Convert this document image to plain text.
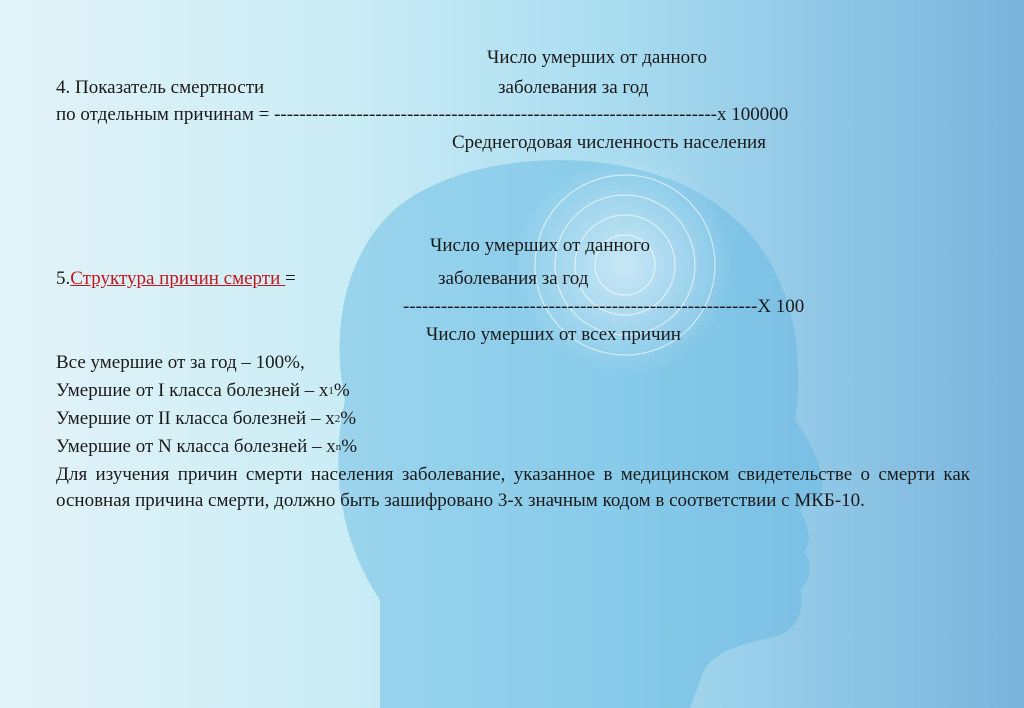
Число умерших от данного
4. Показатель смертности	заболевания за год
по отдельным причинам = ----------------------------------------------------------------------х 100000
Среднегодовая численность населения
Число умерших от данного
5.Структура причин смерти =	заболевания за год
--------------------------------------------------------Х 100
Число умерших от всех причин
Все умершие от за год – 100%,
Умершие от I класса болезней – $х_1\%$
Умершие от II класса болезней – $х_2\%$
Умершие от N класса болезней – $х_n\%$
Для изучения причин смерти населения заболевание, указанное в медицинском свидетельстве о смерти как основная причина смерти, должно быть зашифровано 3-х значным кодом в соответствии с МКБ-10.
